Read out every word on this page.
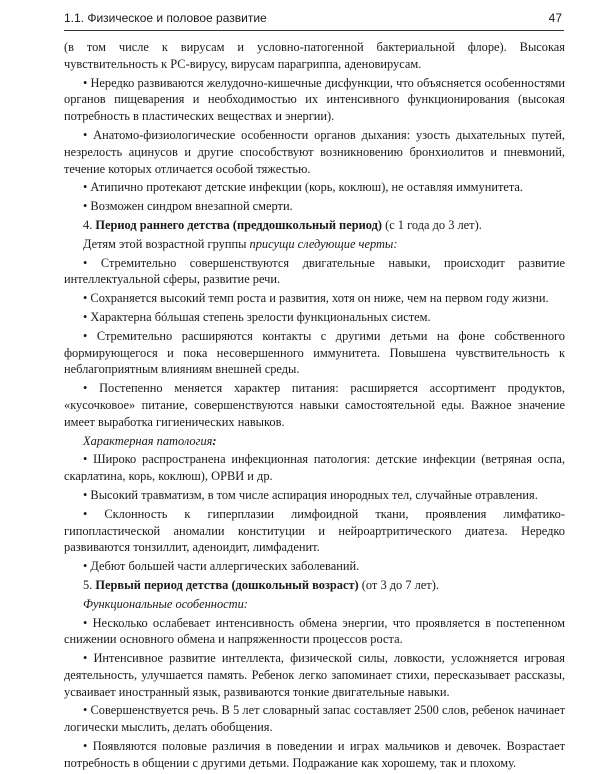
1.1. Физическое и половое развитие	47

(в том числе к вирусам и условно-патогенной бактериальной флоре). Высокая чувствительность к РС-вирусу, вирусам парагриппа, аденовирусам.

• Нередко развиваются желудочно-кишечные дисфункции, что объясняется особенностями органов пищеварения и необходимостью их интенсивного функционирования (высокая потребность в пластических веществах и энергии).

• Анатомо-физиологические особенности органов дыхания: узость дыхательных путей, незрелость ацинусов и другие способствуют возникновению бронхиолитов и пневмоний, течение которых отличается особой тяжестью.

• Атипично протекают детские инфекции (корь, коклюш), не оставляя иммунитета.

• Возможен синдром внезапной смерти.

4. Период раннего детства (преддошкольный период) (с 1 года до 3 лет).

Детям этой возрастной группы присущи следующие черты:

• Стремительно совершенствуются двигательные навыки, происходит развитие интеллектуальной сферы, развитие речи.

• Сохраняется высокий темп роста и развития, хотя он ниже, чем на первом году жизни.

• Характерна бóльшая степень зрелости функциональных систем.

• Стремительно расширяются контакты с другими детьми на фоне собственного формирующегося и пока несовершенного иммунитета. Повышена чувствительность к неблагоприятным влияниям внешней среды.

• Постепенно меняется характер питания: расширяется ассортимент продуктов, «кусочковое» питание, совершенствуются навыки самостоятельной еды. Важное значение имеет выработка гигиенических навыков.

Характерная патология:

• Широко распространена инфекционная патология: детские инфекции (ветряная оспа, скарлатина, корь, коклюш), ОРВИ и др.

• Высокий травматизм, в том числе аспирация инородных тел, случайные отравления.

• Склонность к гиперплазии лимфоидной ткани, проявления лимфатико- гипопластической аномалии конституции и нейроартритического диатеза. Нередко развиваются тонзиллит, аденоидит, лимфаденит.

• Дебют большей части аллергических заболеваний.

5. Первый период детства (дошкольный возраст) (от 3 до 7 лет).

Функциональные особенности:

• Несколько ослабевает интенсивность обмена энергии, что проявляется в постепенном снижении основного обмена и напряженности процессов роста.

• Интенсивное развитие интеллекта, физической силы, ловкости, усложняется игровая деятельность, улучшается память. Ребенок легко запоминает стихи, пересказывает рассказы, усваивает иностранный язык, развиваются тонкие двигательные навыки.

• Совершенствуется речь. В 5 лет словарный запас составляет 2500 слов, ребенок начинает логически мыслить, делать обобщения.

• Появляются половые различия в поведении и играх мальчиков и девочек. Возрастает потребность в общении с другими детьми. Подражание как хорошему, так и плохому.
